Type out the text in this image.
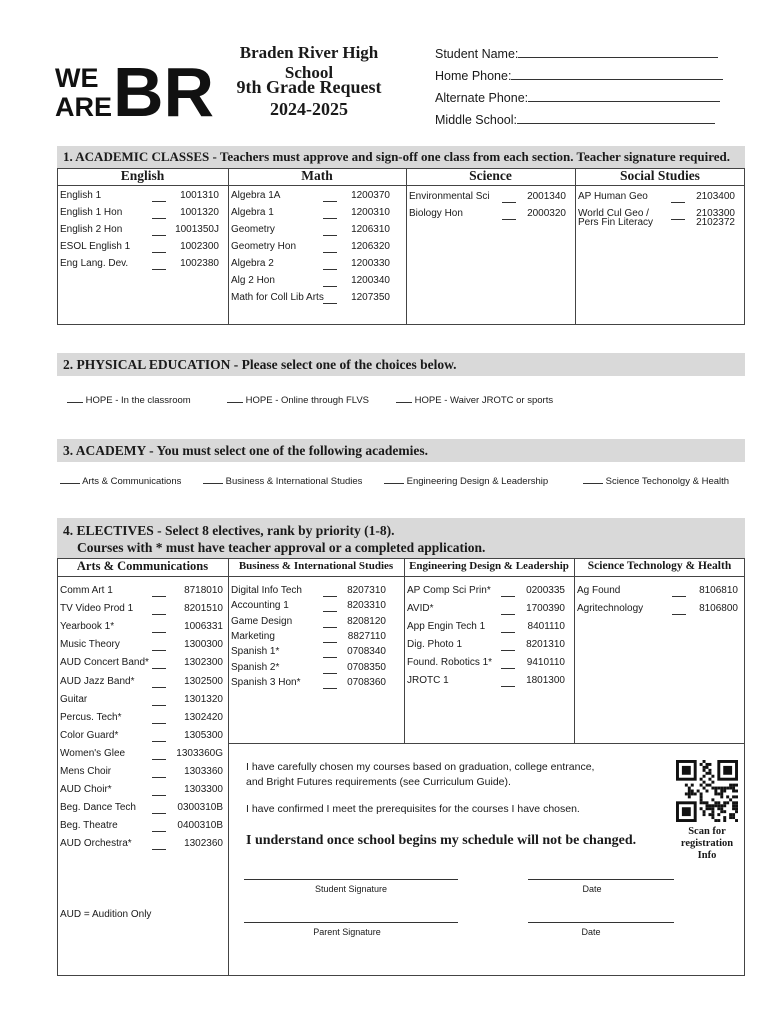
WE
ARE BR
Braden River High School
9th Grade Request
2024-2025
Student Name:
Home Phone:
Alternate Phone:
Middle School:
1. ACADEMIC CLASSES - Teachers must approve and sign-off one class from each section. Teacher signature required.
English	Math	Science	Social Studies
English 1	1001310
English 1 Hon	1001320
English 2 Hon	1001350J
ESOL English 1	1002300
Eng Lang. Dev.	1002380
Algebra 1A	1200370
Algebra 1	1200310
Geometry	1206310
Geometry Hon	1206320
Algebra 2	1200330
Alg 2 Hon	1200340
Math for Coll Lib Arts	1207350
Environmental Sci	2001340
Biology Hon	2000320
AP Human Geo	2103400
World Cul Geo /	2103300
Pers Fin Literacy	2102372
2. PHYSICAL EDUCATION - Please select one of the choices below.
HOPE - In the classroom	HOPE - Online through FLVS	HOPE - Waiver JROTC or sports
3. ACADEMY - You must select one of the following academies.
Arts & Communications	Business & International Studies	Engineering Design & Leadership	Science Techonolgy & Health
4. ELECTIVES - Select 8 electives, rank by priority (1-8).
Courses with * must have teacher approval or a completed application.
Arts & Communications	Business & International Studies	Engineering Design & Leadership	Science Technology & Health
Comm Art 1	8718010
TV Video Prod 1	8201510
Yearbook 1*	1006331
Music Theory	1300300
AUD Concert Band*	1302300
AUD Jazz Band*	1302500
Guitar	1301320
Percus. Tech*	1302420
Color Guard*	1305300
Women's Glee	1303360G
Mens Choir	1303360
AUD Choir*	1303300
Beg. Dance Tech	0300310B
Beg. Theatre	0400310B
AUD Orchestra*	1302360
Digital Info Tech	8207310
Accounting 1	8203310
Game Design	8208120
Marketing	8827110
Spanish 1*	0708340
Spanish 2*	0708350
Spanish 3 Hon*	0708360
AP Comp Sci Prin*	0200335
AVID*	1700390
App Engin Tech 1	8401110
Dig. Photo 1	8201310
Found. Robotics 1*	9410110
JROTC 1	1801300
Ag Found	8106810
Agritechnology	8106800
AUD = Audition Only
I have carefully chosen my courses based on graduation, college entrance,
and Bright Futures requirements (see Curriculum Guide).
I have confirmed I meet the prerequisites for the courses I have chosen.
I understand once school begins my schedule will not be changed.
Scan for
registration
Info
Student Signature	Date
Parent Signature	Date
